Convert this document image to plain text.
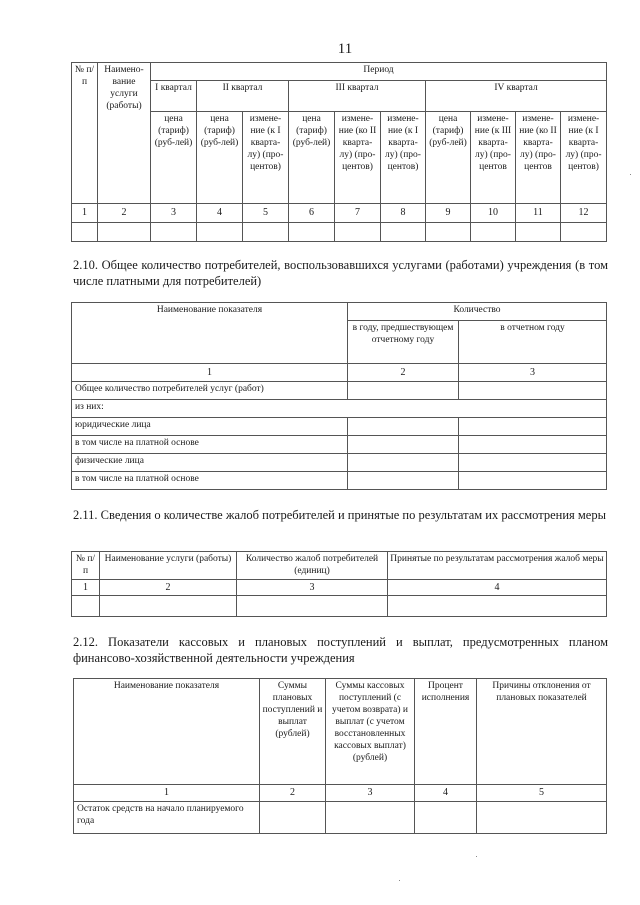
11
№ п/п	Наимено-вание услуги (работы)	Период									
		I квартал	II квартал		III квартал			IV квартал			
		цена (тариф) (руб-лей)	цена (тариф) (руб-лей)	измене-ние (к I кварта-лу) (про-центов)	цена (тариф) (руб-лей)	измене-ние (ко II кварта-лу) (про-центов)	измене-ние (к I кварта-лу) (про-центов)	цена (тариф) (руб-лей)	измене-ние (к III кварта-лу) (про-центов	измене-ние (ко II кварта-лу) (про-центов	измене-ние (к I кварта-лу) (про-центов)
1	2	3	4	5	6	7	8	9	10	11	12

2.10. Общее количество потребителей, воспользовавшихся услугами (работами) учреждения (в том числе платными для потребителей)
Наименование показателя	Количество	
	в году, предшествующем отчетному году	в отчетном году
1	2	3
Общее количество потребителей услуг (работ)		
из них:		
юридические лица		
в том числе на платной основе		
физические лица		
в том числе на платной основе		
2.11. Сведения о количестве жалоб потребителей и принятые по результатам их рассмотрения меры
№ п/п	Наименование услуги (работы)	Количество жалоб потребителей (единиц)	Принятые по результатам рассмотрения жалоб меры
1	2	3	4

2.12. Показатели кассовых и плановых поступлений и выплат, предусмотренных планом финансово-хозяйственной деятельности учреждения
Наименование показателя	Суммы плановых поступлений и выплат (рублей)	Суммы кассовых поступлений (с учетом возврата) и выплат (с учетом восстановленных кассовых выплат) (рублей)	Процент исполнения	Причины отклонения от плановых показателей
1	2	3	4	5
Остаток средств на начало планируемого года				
